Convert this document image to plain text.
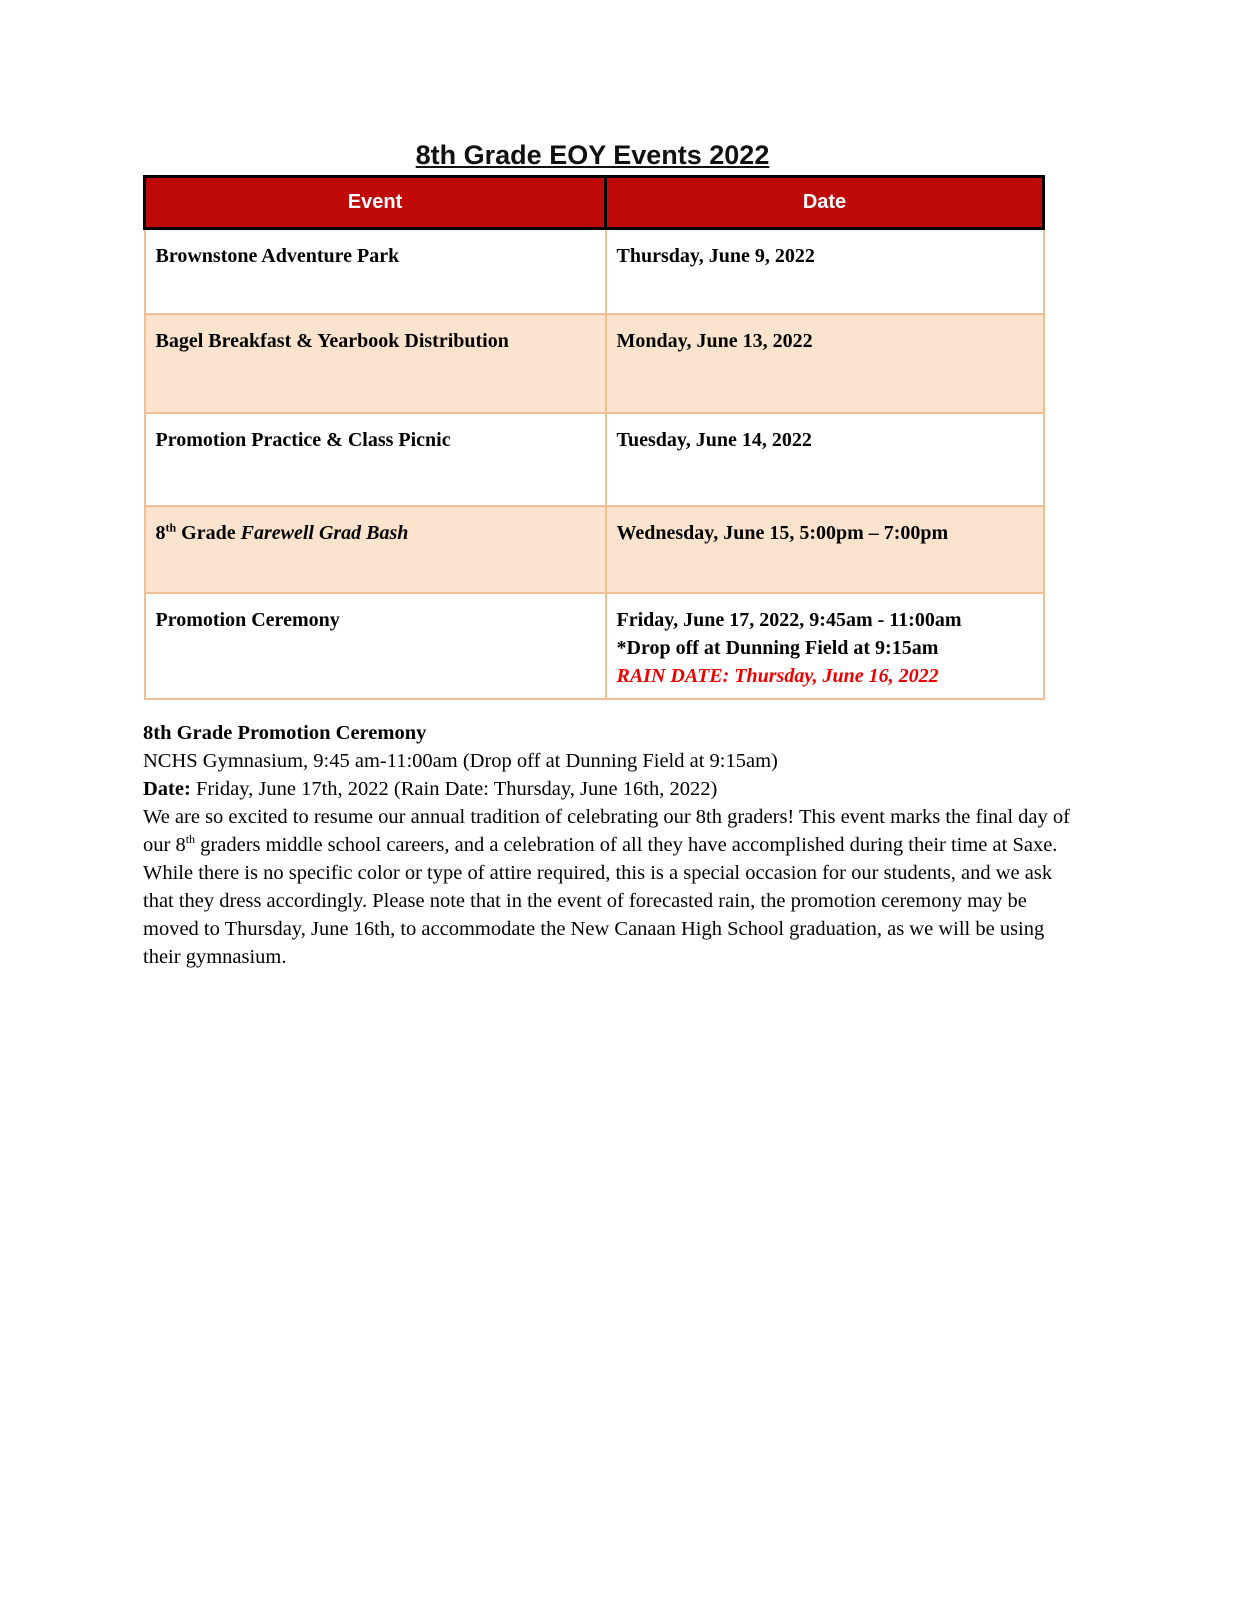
8th Grade EOY Events 2022
Event	Date
Brownstone Adventure Park	Thursday, June 9, 2022
Bagel Breakfast & Yearbook Distribution	Monday, June 13, 2022
Promotion Practice & Class Picnic	Tuesday, June 14, 2022
8th Grade Farewell Grad Bash	Wednesday, June 15, 5:00pm – 7:00pm
Promotion Ceremony	Friday, June 17, 2022, 9:45am - 11:00am
*Drop off at Dunning Field at 9:15am
RAIN DATE: Thursday, June 16, 2022
8th Grade Promotion Ceremony
NCHS Gymnasium, 9:45 am-11:00am (Drop off at Dunning Field at 9:15am)
Date: Friday, June 17th, 2022 (Rain Date: Thursday, June 16th, 2022)
We are so excited to resume our annual tradition of celebrating our 8th graders! This event marks the final day of our 8th graders middle school careers, and a celebration of all they have accomplished during their time at Saxe. While there is no specific color or type of attire required, this is a special occasion for our students, and we ask that they dress accordingly. Please note that in the event of forecasted rain, the promotion ceremony may be moved to Thursday, June 16th, to accommodate the New Canaan High School graduation, as we will be using their gymnasium.
